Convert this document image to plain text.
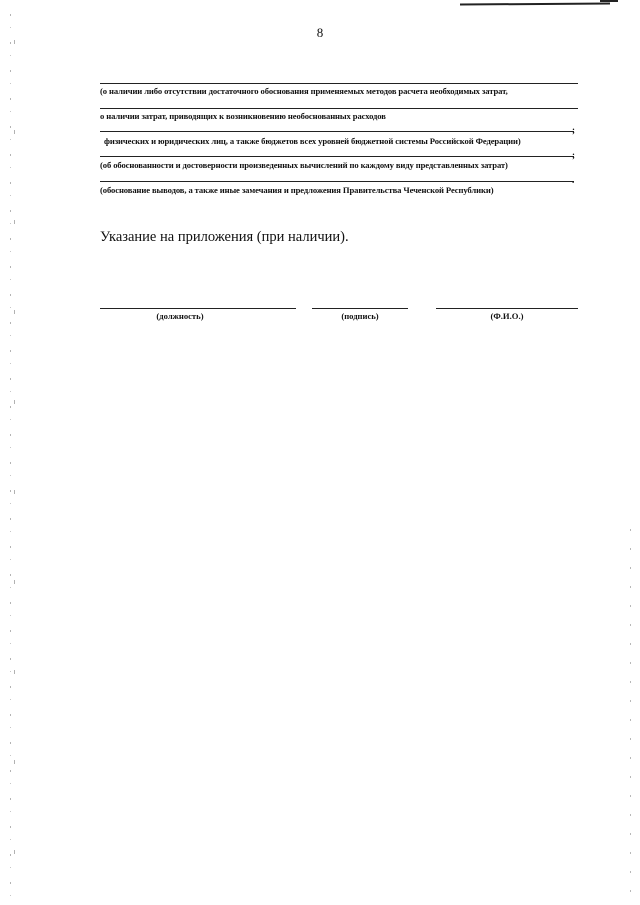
8
(о наличии либо отсутствии достаточного обоснования применяемых методов расчета необходимых затрат,
о наличии затрат, приводящих к возникновению необоснованных расходов
;
физических и юридических лиц, а также бюджетов всех уровней бюджетной системы Российской Федерации)
;
(об обоснованности и достоверности произведенных вычислений по каждому виду представленных затрат)
.
(обоснование выводов, а также иные замечания и предложения Правительства Чеченской Республики)
Указание на приложения (при наличии).
(должность)	(подпись)	(Ф.И.О.)
